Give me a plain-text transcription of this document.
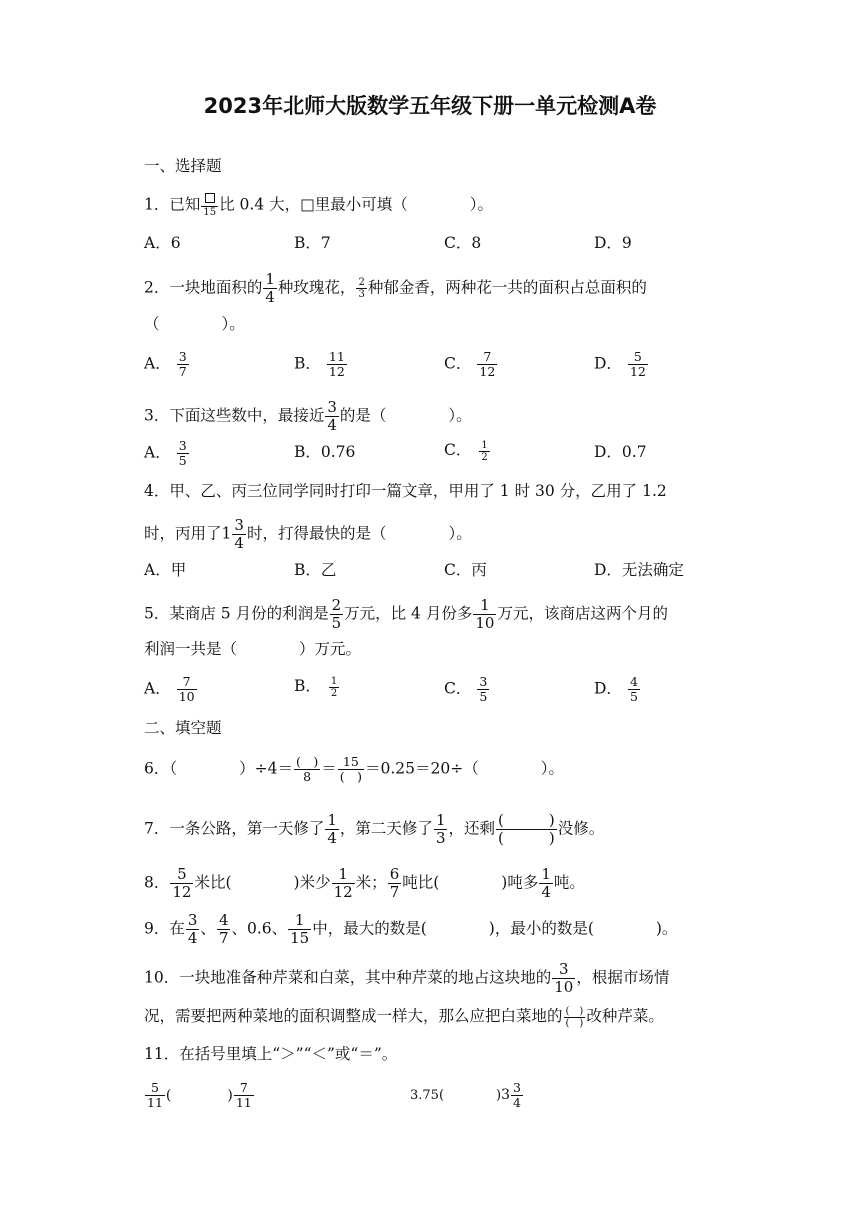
2023年北师大版数学五年级下册一单元检测A卷
一、选择题
1．已知 15 比 0.4 大，□里最小可填（　　　　）。
A．6	B．7	C．8	D．9
2．一块地面积的 $\frac{1}{4}$ 种玫瑰花， $\frac{2}{3}$ 种郁金香，两种花一共的面积占总面积的
（　　　　）。
A． $\frac{3}{7}$	B． $\frac{11}{12}$	C． $\frac{7}{12}$	D． $\frac{5}{12}$
3．下面这些数中，最接近 $\frac{3}{4}$ 的是（　　　　）。
A． $\frac{3}{5}$	B．0.76	C． $\frac{1}{2}$	D．0.7
4．甲、乙、丙三位同学同时打印一篇文章，甲用了 1 时 30 分，乙用了 1.2
时，丙用了$1 \frac{3}{4}$ 时，打得最快的是（　　　　）。
A．甲	B．乙	C．丙	D．无法确定
5．某商店 5 月份的利润是 $\frac{2}{5}$ 万元，比 4 月份多 $\frac{1}{10}$ 万元，该商店这两个月的
利润一共是（　　　　）万元。
A． $\frac{7}{10}$	B． $\frac{1}{2}$	C． $\frac{3}{5}$	D． $\frac{4}{5}$
二、填空题
6．（　　　　）$\div 4= \frac{( )}{8} = \frac{15}{( )} =0.25=20\div$（　　　　）。
7．一条公路，第一天修了 $\frac{1}{4}$ ，第二天修了 $\frac{1}{3}$ ，还剩 $\frac{( )}{( )}$ 没修。
8． $\frac{5}{12}$ 米比(　　　　)米少 $\frac{1}{12}$ 米； $\frac{6}{7}$ 吨比(　　　　)吨多 $\frac{1}{4}$ 吨。
9．在 $\frac{3}{4}$ 、 $\frac{4}{7}$ 、0.6、 $\frac{1}{15}$ 中，最大的数是(　　　　)，最小的数是(　　　　)。
10．一块地准备种芹菜和白菜，其中种芹菜的地占这块地的 $\frac{3}{10}$ ，根据市场情
况，需要把两种菜地的面积调整成一样大，那么应把白菜地的 $\frac{( )}{( )}$ 改种芹菜。
11．在括号里填上“＞”“＜”或“＝”。
$\frac{5}{11}$ (　　　　) $\frac{7}{11}$	3.75(　　　　)$3 \frac{3}{4}$
